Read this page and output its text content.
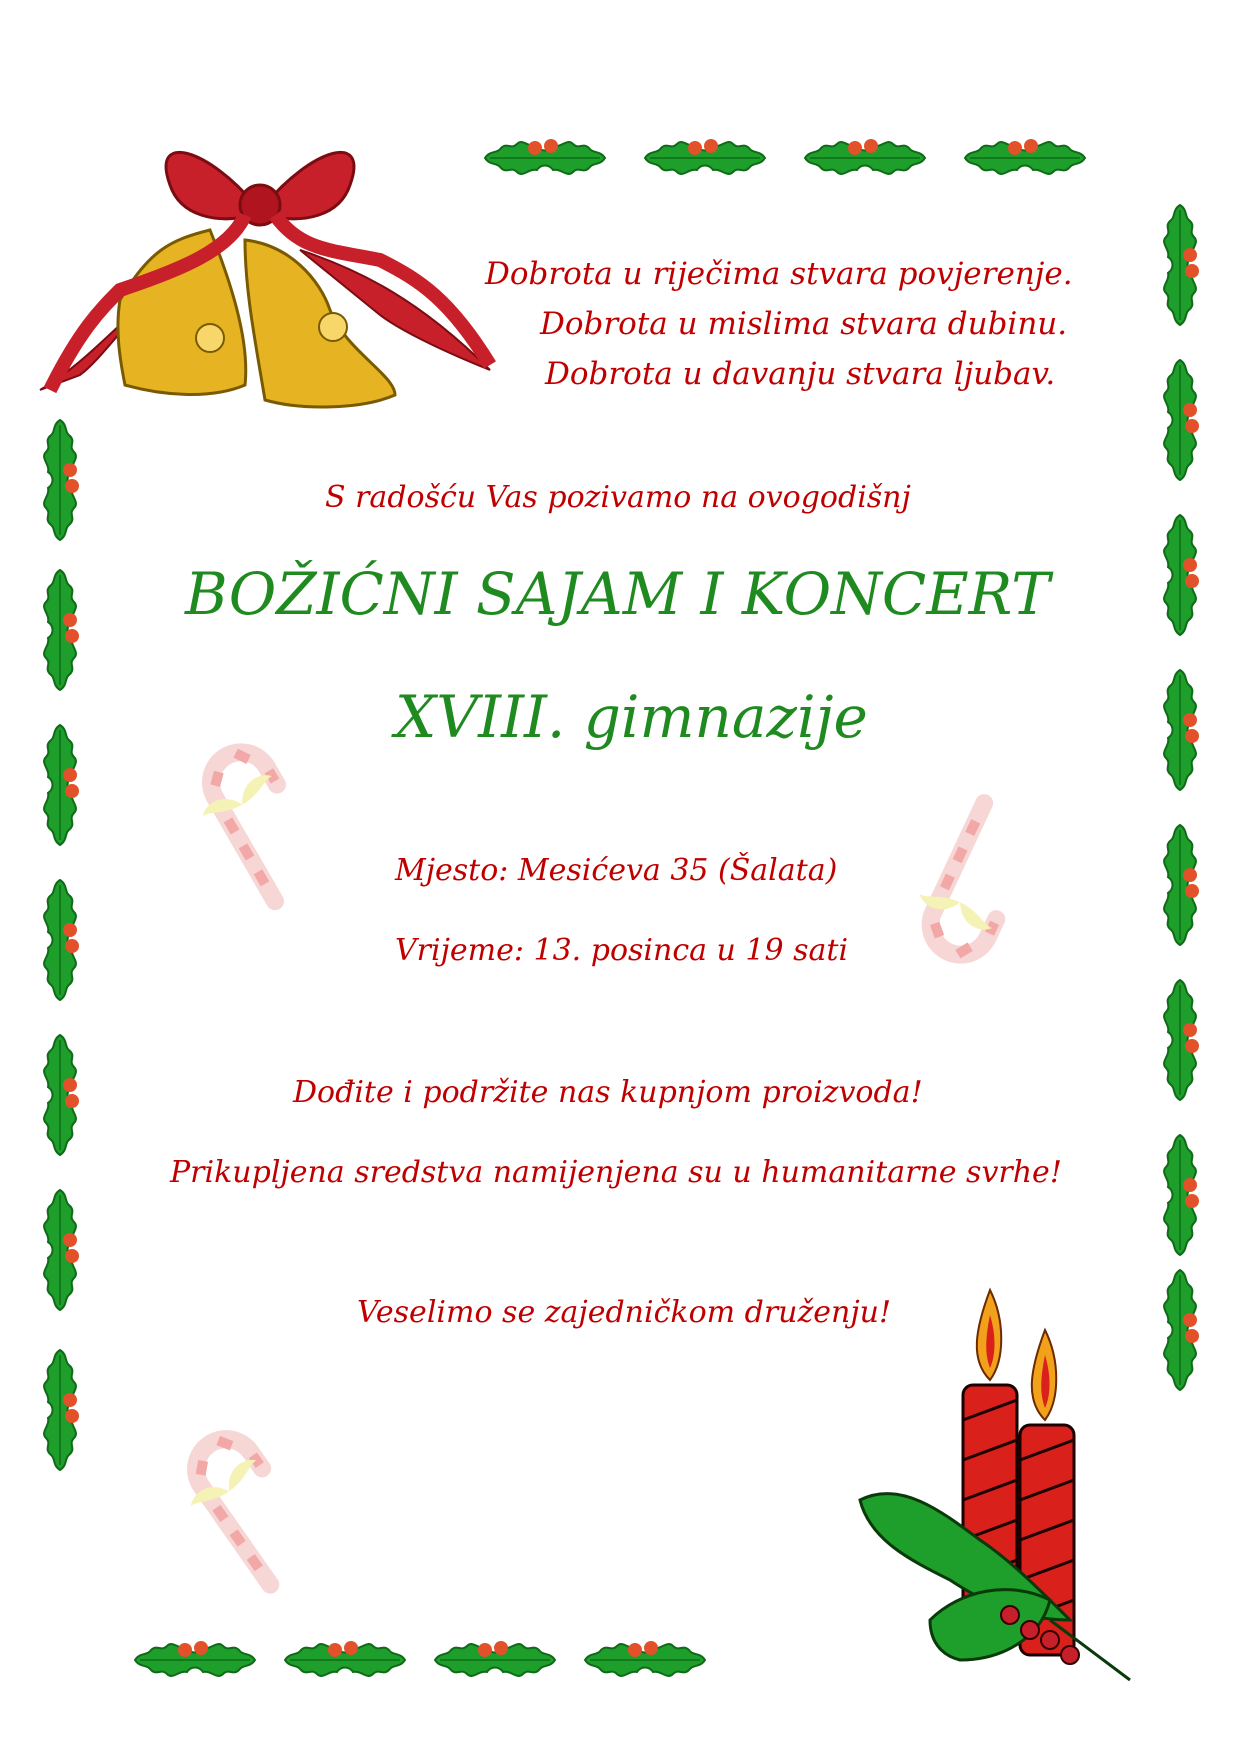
Dobrota u riječima stvara povjerenje.
Dobrota u mislima stvara dubinu.
Dobrota u davanju stvara ljubav.
S radošću Vas pozivamo na ovogodišnj
BOŽIĆNI SAJAM I KONCERT
XVIII. gimnazije
Mjesto: Mesićeva 35 (Šalata)
Vrijeme: 13. posinca u 19 sati
Dođite i podržite nas kupnjom proizvoda!
Prikupljena sredstva namijenjena su u humanitarne svrhe!
Veselimo se zajedničkom druženju!
